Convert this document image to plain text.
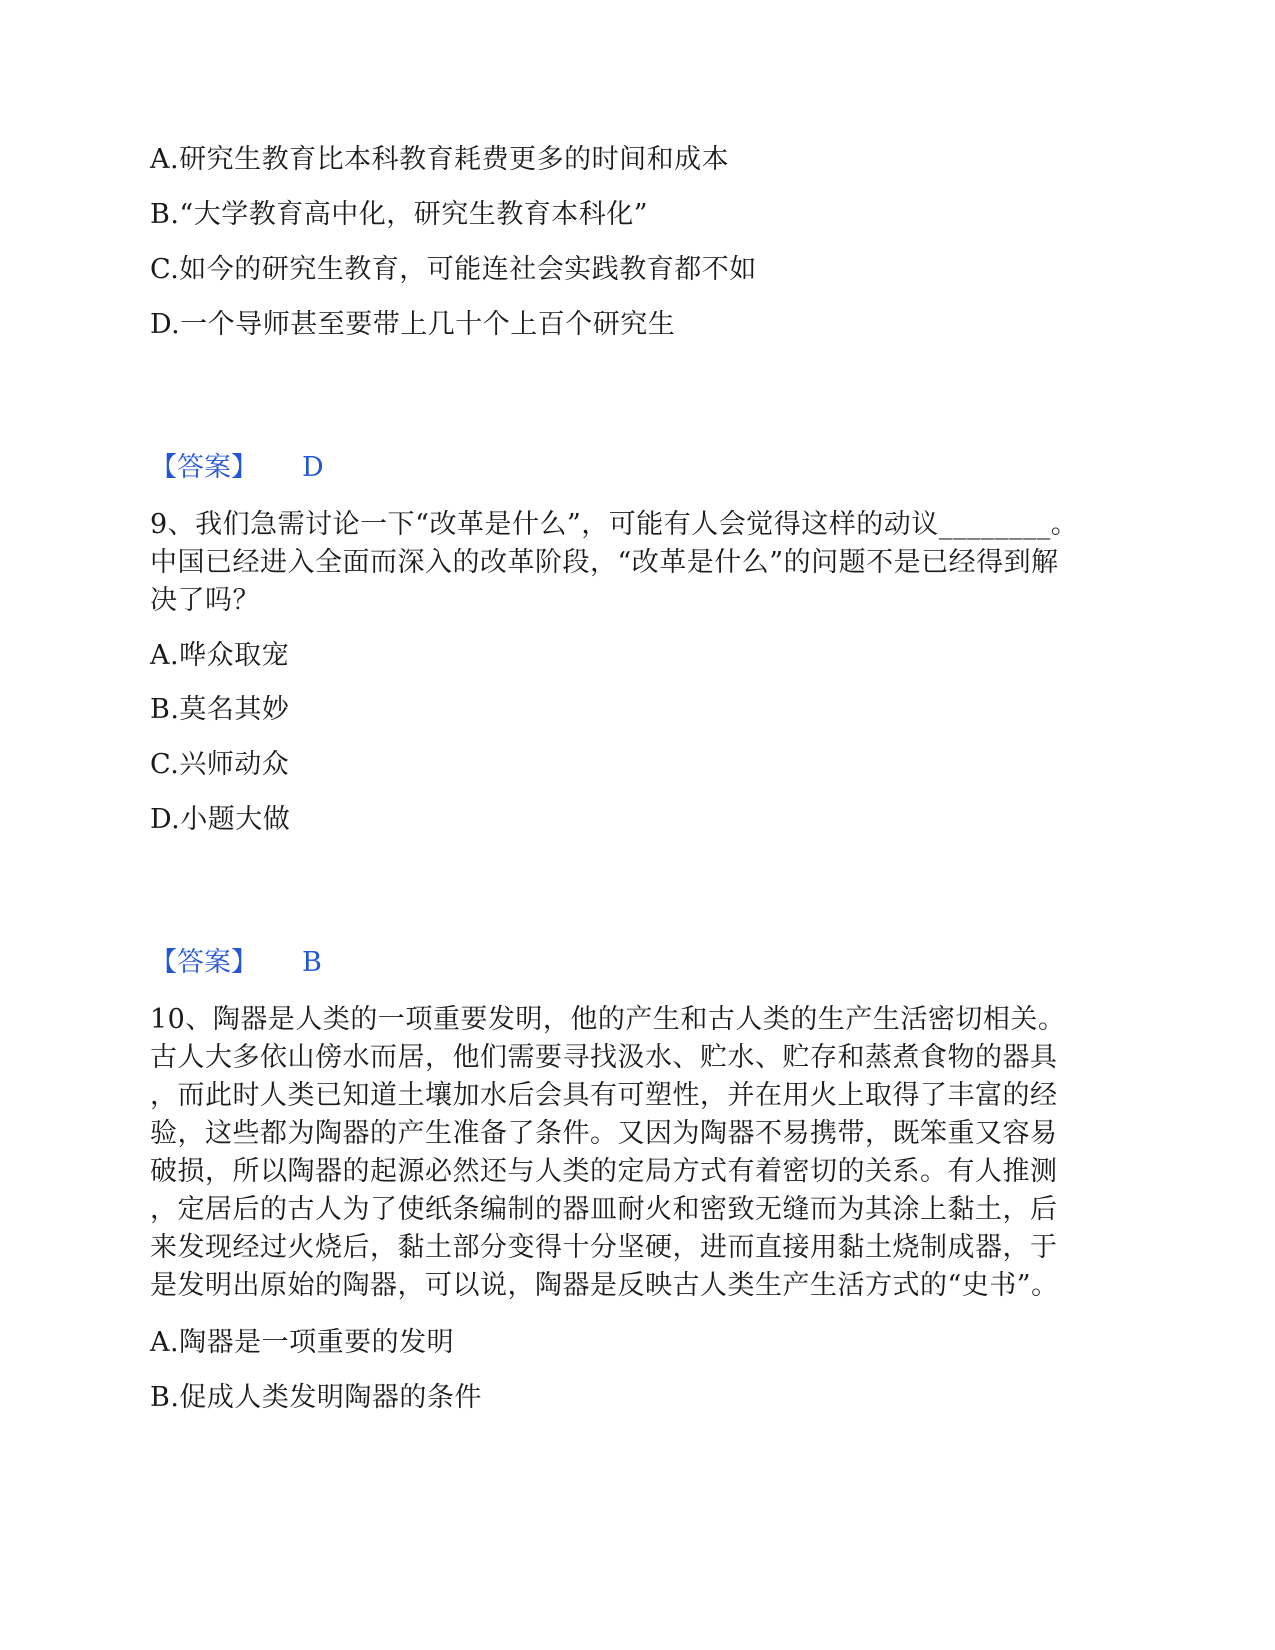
A.研究生教育比本科教育耗费更多的时间和成本
B.“大学教育高中化，研究生教育本科化”
C.如今的研究生教育，可能连社会实践教育都不如
D.一个导师甚至要带上几十个上百个研究生
【答案】 D
9、我们急需讨论一下“改革是什么”，可能有人会觉得这样的动议________。
中国已经进入全面而深入的改革阶段，“改革是什么”的问题不是已经得到解
决了吗？
A.哗众取宠
B.莫名其妙
C.兴师动众
D.小题大做
【答案】 B
10、陶器是人类的一项重要发明，他的产生和古人类的生产生活密切相关。
古人大多依山傍水而居，他们需要寻找汲水、贮水、贮存和蒸煮食物的器具
，而此时人类已知道土壤加水后会具有可塑性，并在用火上取得了丰富的经
验，这些都为陶器的产生准备了条件。又因为陶器不易携带，既笨重又容易
破损，所以陶器的起源必然还与人类的定局方式有着密切的关系。有人推测
，定居后的古人为了使纸条编制的器皿耐火和密致无缝而为其涂上黏土，后
来发现经过火烧后，黏土部分变得十分坚硬，进而直接用黏土烧制成器，于
是发明出原始的陶器，可以说，陶器是反映古人类生产生活方式的“史书”。
A.陶器是一项重要的发明
B.促成人类发明陶器的条件
